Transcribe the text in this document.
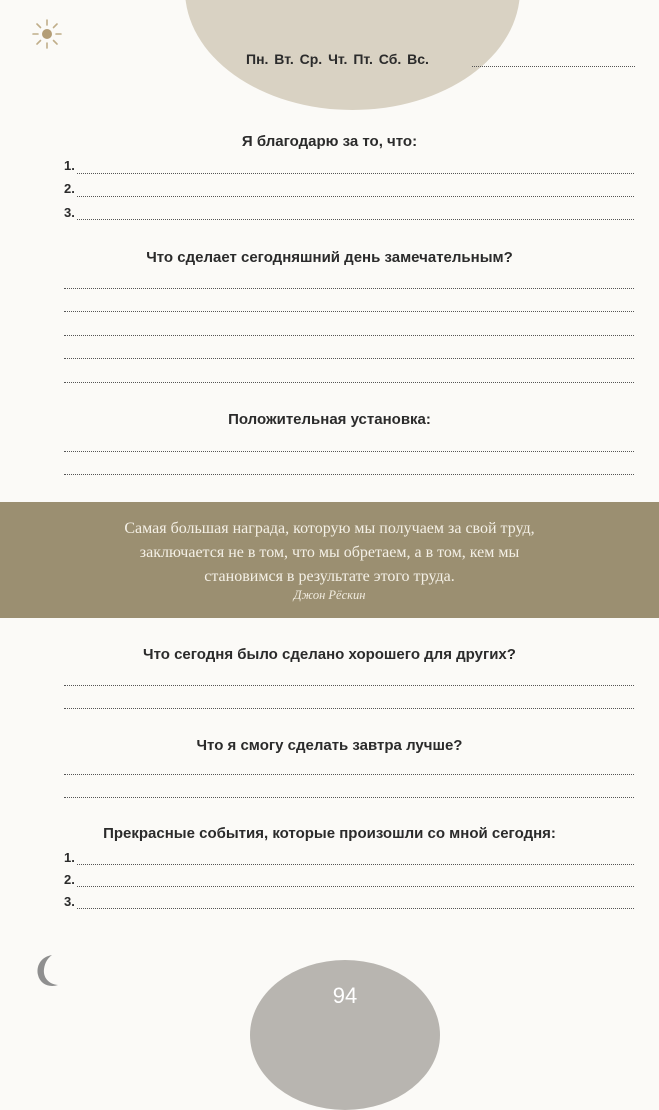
Пн. Вт. Ср. Чт. Пт. Сб. Вс.
Я благодарю за то, что:
1.
2.
3.
Что сделает сегодняшний день замечательным?
Положительная установка:
Самая большая награда, которую мы получаем за свой труд,
заключается не в том, что мы обретаем, а в том, кем мы
становимся в результате этого труда.
Джон Рёскин
Что сегодня было сделано хорошего для других?
Что я смогу сделать завтра лучше?
Прекрасные события, которые произошли со мной сегодня:
1.
2.
3.
94
